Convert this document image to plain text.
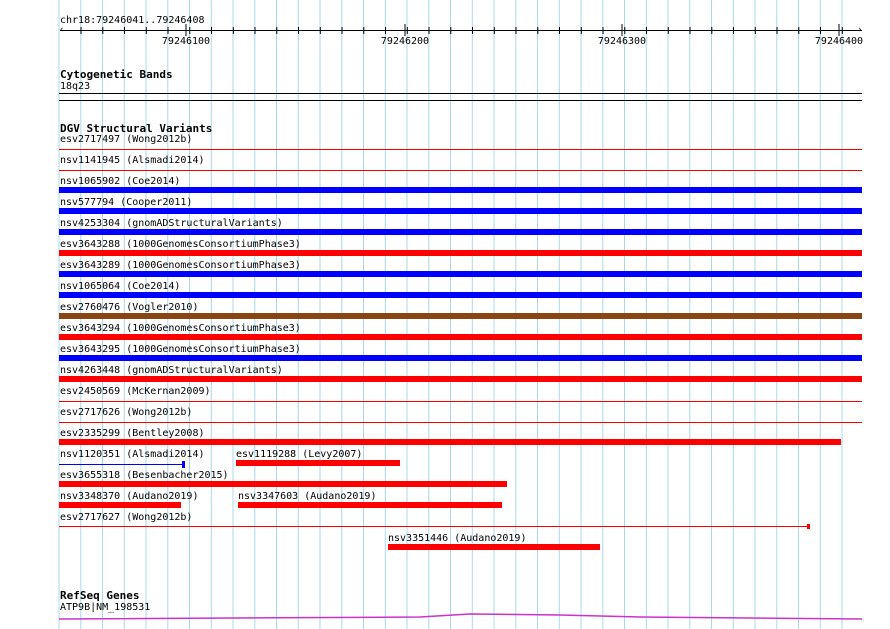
chr18:79246041..79246408
‹	›
79246100	79246200	79246300	79246400
Cytogenetic Bands
18q23
DGV Structural Variants
esv2717497 (Wong2012b)
nsv1141945 (Alsmadi2014)
nsv1065902 (Coe2014)
nsv577794 (Cooper2011)
nsv4253304 (gnomADStructuralVariants)
esv3643288 (1000GenomesConsortiumPhase3)
esv3643289 (1000GenomesConsortiumPhase3)
nsv1065064 (Coe2014)
esv2760476 (Vogler2010)
esv3643294 (1000GenomesConsortiumPhase3)
esv3643295 (1000GenomesConsortiumPhase3)
nsv4263448 (gnomADStructuralVariants)
esv2450569 (McKernan2009)
esv2717626 (Wong2012b)
esv2335299 (Bentley2008)
nsv1120351 (Alsmadi2014)	esv1119288 (Levy2007)
esv3655318 (Besenbacher2015)
nsv3348370 (Audano2019)	nsv3347603 (Audano2019)
esv2717627 (Wong2012b)
nsv3351446 (Audano2019)
RefSeq Genes
ATP9B|NM_198531
